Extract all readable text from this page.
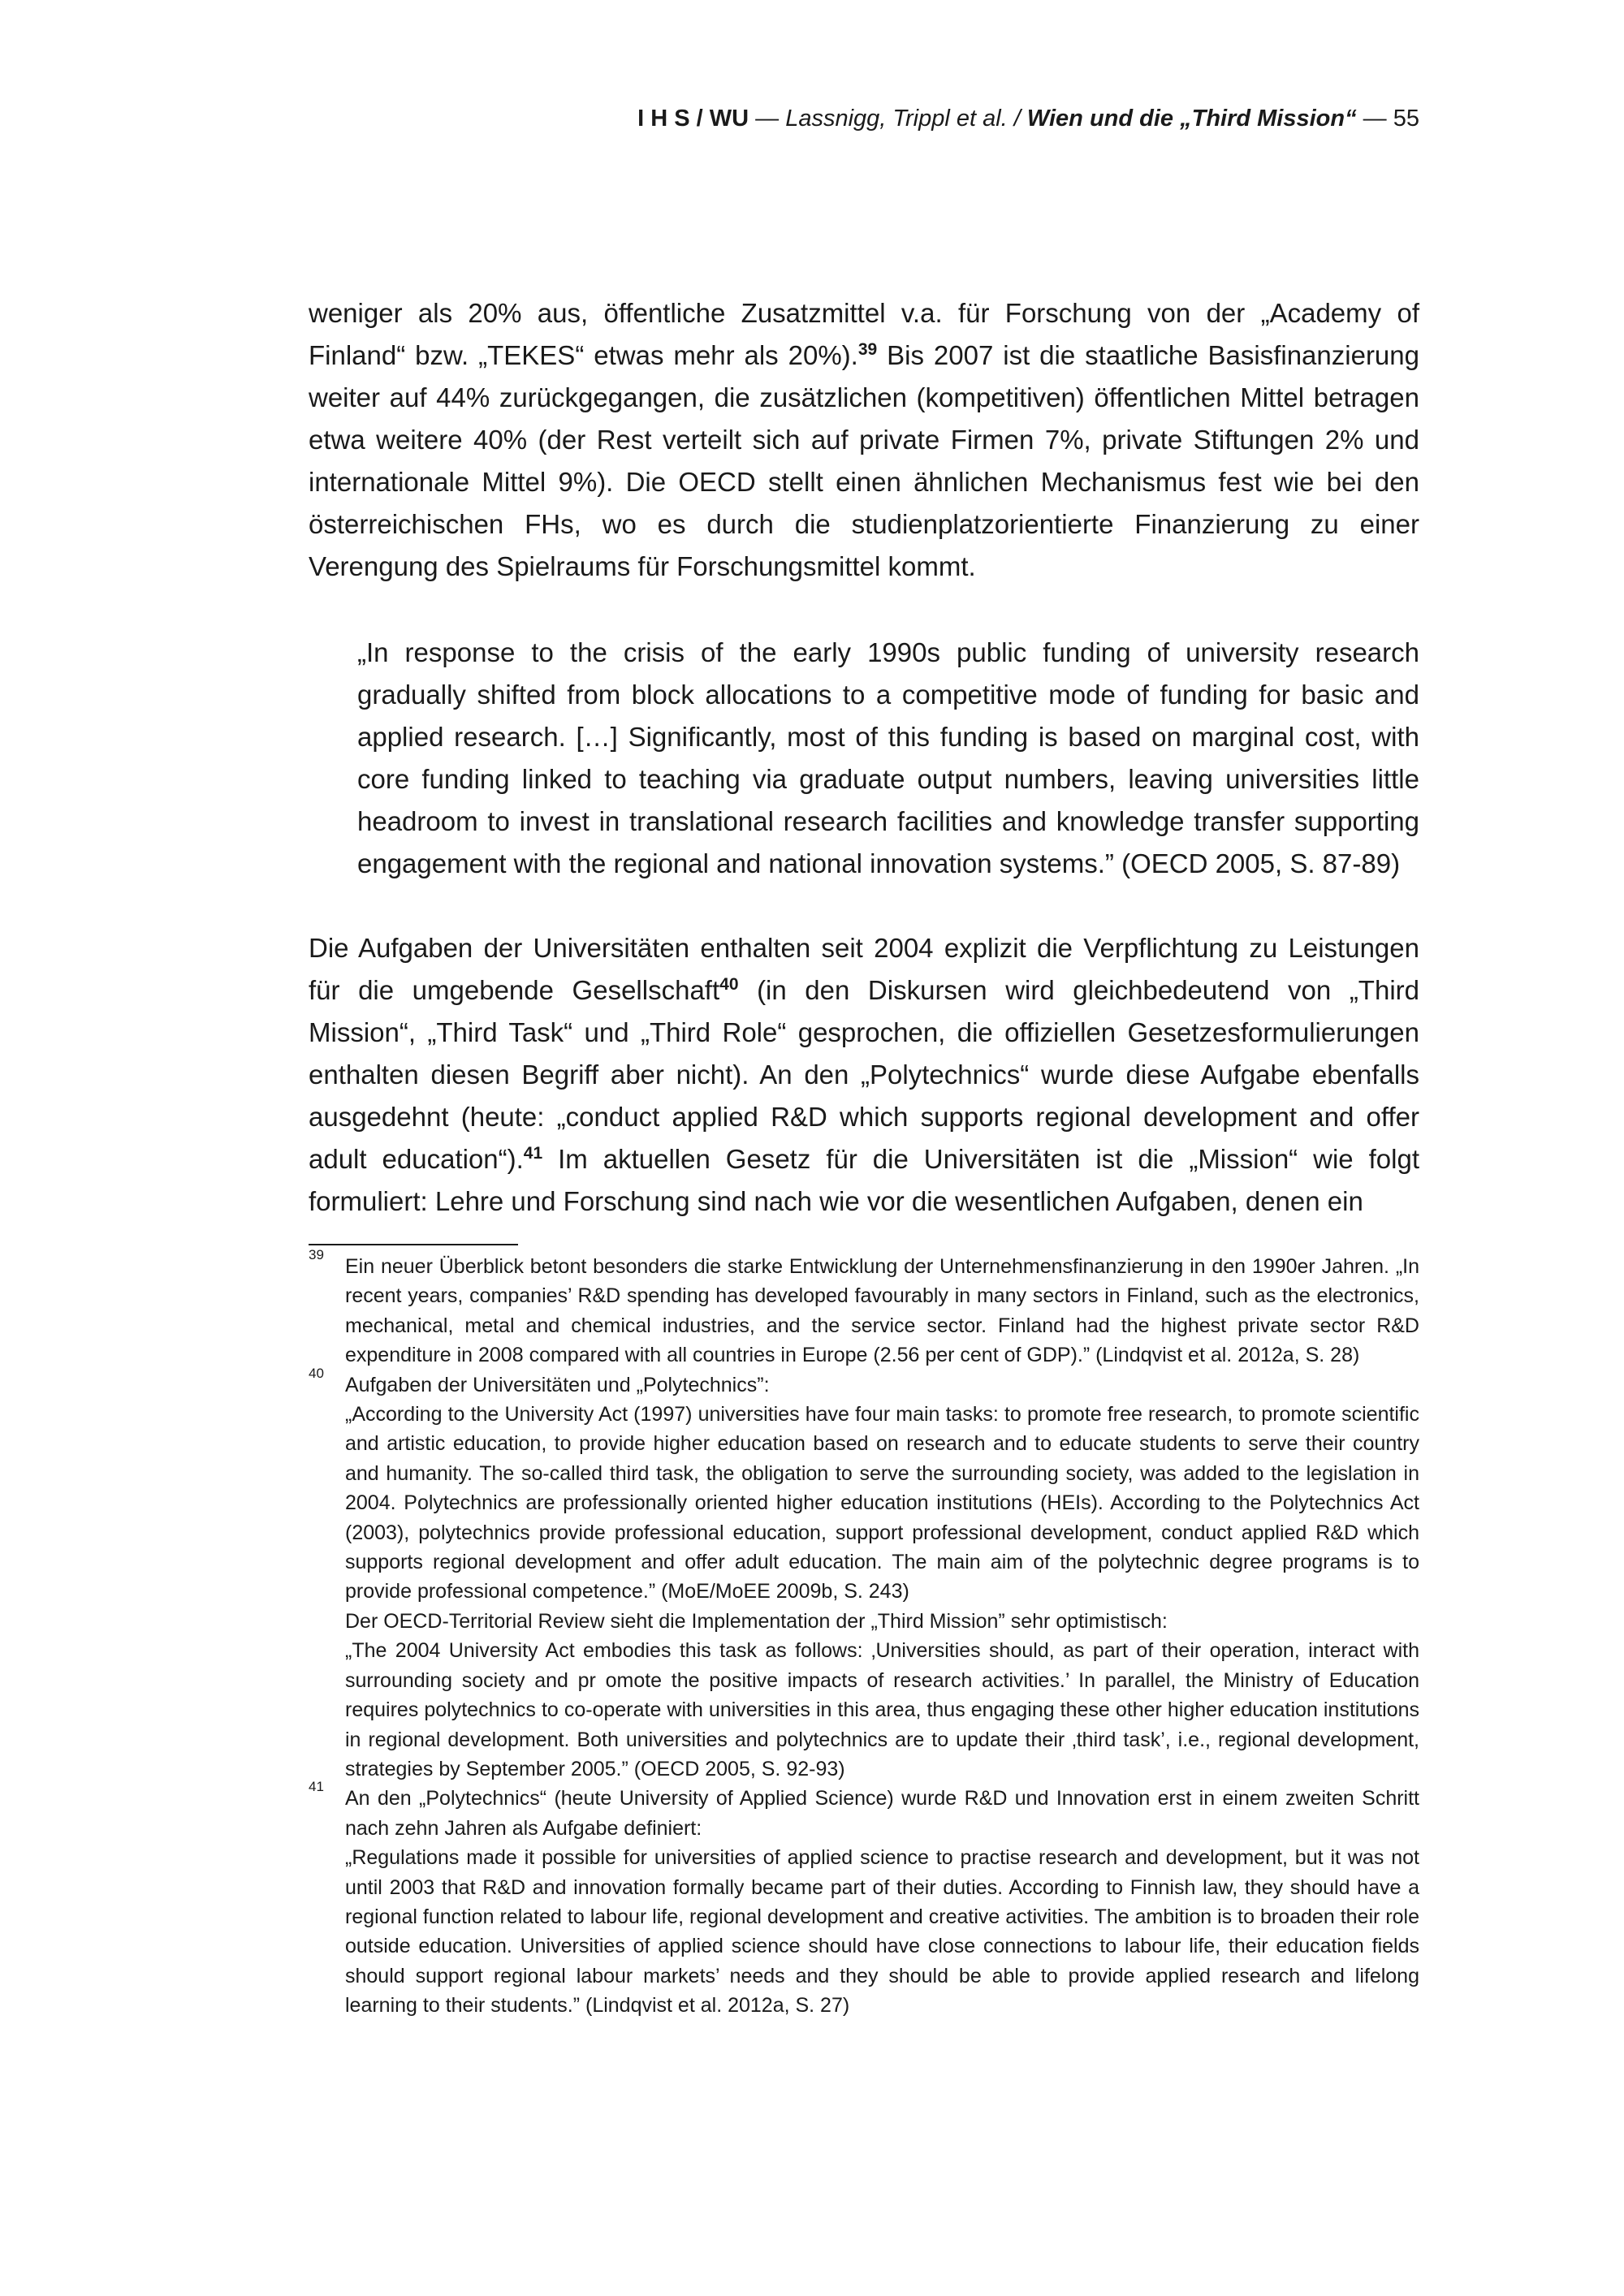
I H S / WU — Lassnigg, Trippl et al. / Wien und die „Third Mission“ — 55
weniger als 20% aus, öffentliche Zusatzmittel v.a. für Forschung von der „Academy of Finland“ bzw. „TEKES“ etwas mehr als 20%).$^{39}$ Bis 2007 ist die staatliche Basisfinanzierung weiter auf 44% zurückgegangen, die zusätzlichen (kompetitiven) öffentlichen Mittel betragen etwa weitere 40% (der Rest verteilt sich auf private Firmen 7%, private Stiftungen 2% und internationale Mittel 9%). Die OECD stellt einen ähnlichen Mechanismus fest wie bei den österreichischen FHs, wo es durch die studienplatzorientierte Finanzierung zu einer Verengung des Spielraums für Forschungsmittel kommt.
„In response to the crisis of the early 1990s public funding of university research gradually shifted from block allocations to a competitive mode of funding for basic and applied research. […] Significantly, most of this funding is based on marginal cost, with core funding linked to teaching via graduate output numbers, leaving universities little headroom to invest in translational research facilities and knowledge transfer supporting engagement with the regional and national innovation systems.” (OECD 2005, S. 87-89)
Die Aufgaben der Universitäten enthalten seit 2004 explizit die Verpflichtung zu Leistungen für die umgebende Gesellschaft$^{40}$ (in den Diskursen wird gleichbedeutend von „Third Mission“, „Third Task“ und „Third Role“ gesprochen, die offiziellen Gesetzesformulierungen enthalten diesen Begriff aber nicht). An den „Polytechnics“ wurde diese Aufgabe ebenfalls ausgedehnt (heute: „conduct applied R&D which supports regional development and offer adult education“).$^{41}$ Im aktuellen Gesetz für die Universitäten ist die „Mission“ wie folgt formuliert: Lehre und Forschung sind nach wie vor die wesentlichen Aufgaben, denen ein
39

Ein neuer Überblick betont besonders die starke Entwicklung der Unternehmensfinanzierung in den 1990er Jahren. „In recent years, companies’ R&D spending has developed favourably in many sectors in Finland, such as the electronics, mechanical, metal and chemical industries, and the service sector. Finland had the highest private sector R&D expenditure in 2008 compared with all countries in Europe (2.56 per cent of GDP).” (Lindqvist et al. 2012a, S. 28)

40

Aufgaben der Universitäten und „Polytechnics”:

„According to the University Act (1997) universities have four main tasks: to promote free research, to promote scientific and artistic education, to provide higher education based on research and to educate students to serve their country and humanity. The so-called third task, the obligation to serve the surrounding society, was added to the legislation in 2004. Polytechnics are professionally oriented higher education institutions (HEIs). According to the Polytechnics Act (2003), polytechnics provide professional education, support professional development, conduct applied R&D which supports regional development and offer adult education. The main aim of the polytechnic degree programs is to provide professional competence.” (MoE/MoEE 2009b, S. 243)

Der OECD-Territorial Review sieht die Implementation der „Third Mission” sehr optimistisch:

„The 2004 University Act embodies this task as follows: ‚Universities should, as part of their operation, interact with surrounding society and pr omote the positive impacts of research activities.’ In parallel, the Ministry of Education requires polytechnics to co-operate with universities in this area, thus engaging these other higher education institutions in regional development. Both universities and polytechnics are to update their ‚third task’, i.e., regional development, strategies by September 2005.” (OECD 2005, S. 92-93)

41

An den „Polytechnics“ (heute University of Applied Science) wurde R&D und Innovation erst in einem zweiten Schritt nach zehn Jahren als Aufgabe definiert:

„Regulations made it possible for universities of applied science to practise research and development, but it was not until 2003 that R&D and innovation formally became part of their duties. According to Finnish law, they should have a regional function related to labour life, regional development and creative activities. The ambition is to broaden their role outside education. Universities of applied science should have close connections to labour life, their education fields should support regional labour markets’ needs and they should be able to provide applied research and lifelong learning to their students.” (Lindqvist et al. 2012a, S. 27)
